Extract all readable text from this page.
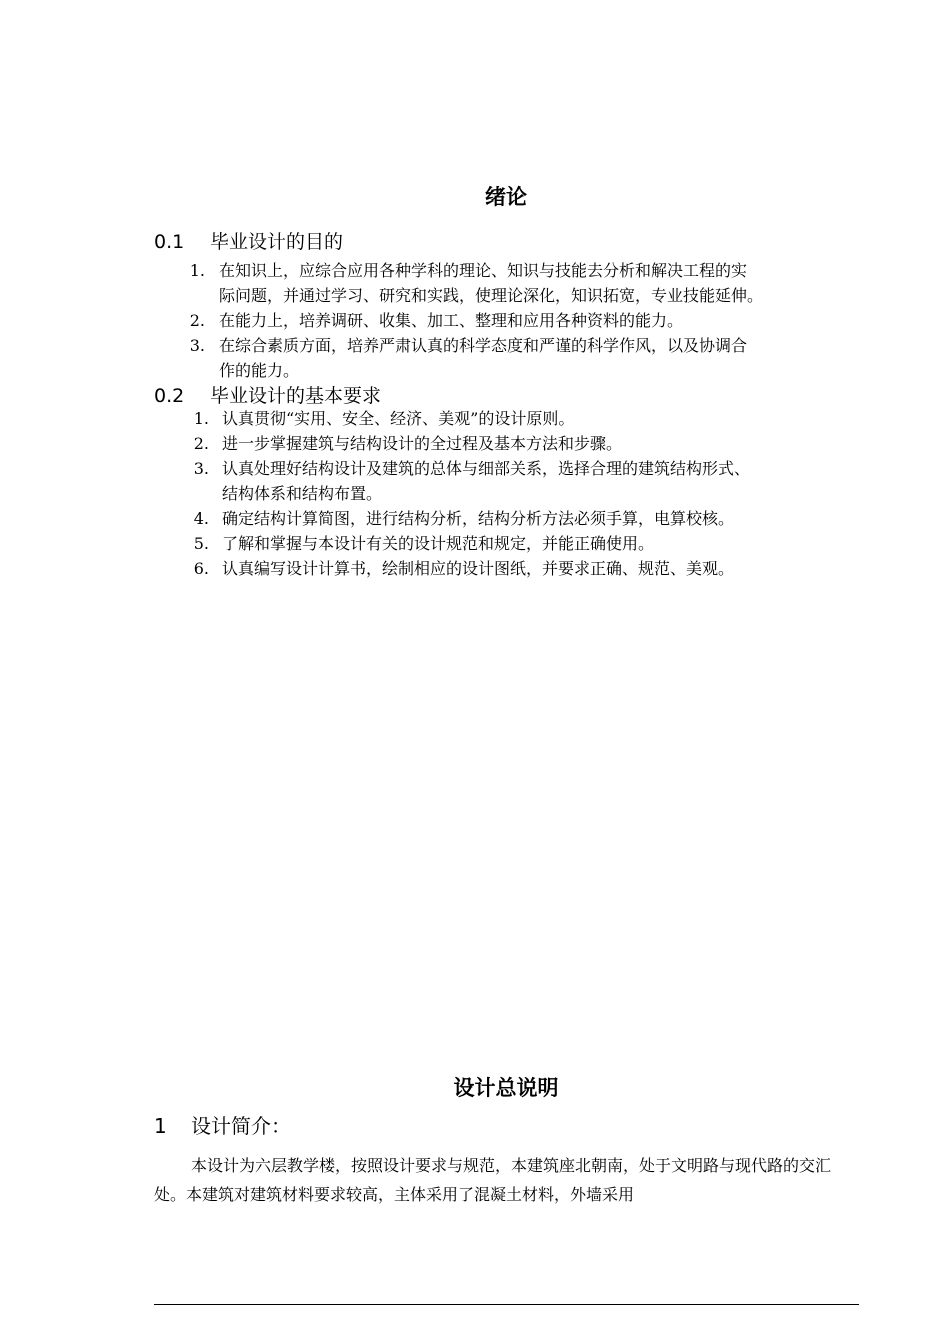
绪论
0.1 毕业设计的目的
1. 在知识上，应综合应用各种学科的理论、知识与技能去分析和解决工程的实
际问题，并通过学习、研究和实践，使理论深化，知识拓宽，专业技能延伸。
2. 在能力上，培养调研、收集、加工、整理和应用各种资料的能力。
3. 在综合素质方面，培养严肃认真的科学态度和严谨的科学作风，以及协调合
作的能力。
0.2 毕业设计的基本要求
1. 认真贯彻“实用、安全、经济、美观”的设计原则。
2. 进一步掌握建筑与结构设计的全过程及基本方法和步骤。
3. 认真处理好结构设计及建筑的总体与细部关系，选择合理的建筑结构形式、
结构体系和结构布置。
4. 确定结构计算简图，进行结构分析，结构分析方法必须手算，电算校核。
5. 了解和掌握与本设计有关的设计规范和规定，并能正确使用。
6. 认真编写设计计算书，绘制相应的设计图纸，并要求正确、规范、美观。
设计总说明
1 设计简介：

本设计为六层教学楼，按照设计要求与规范，本建筑座北朝南，处于文明路与现代路的交汇处。本建筑对建筑材料要求较高，主体采用了混凝土材料，外墙采用
